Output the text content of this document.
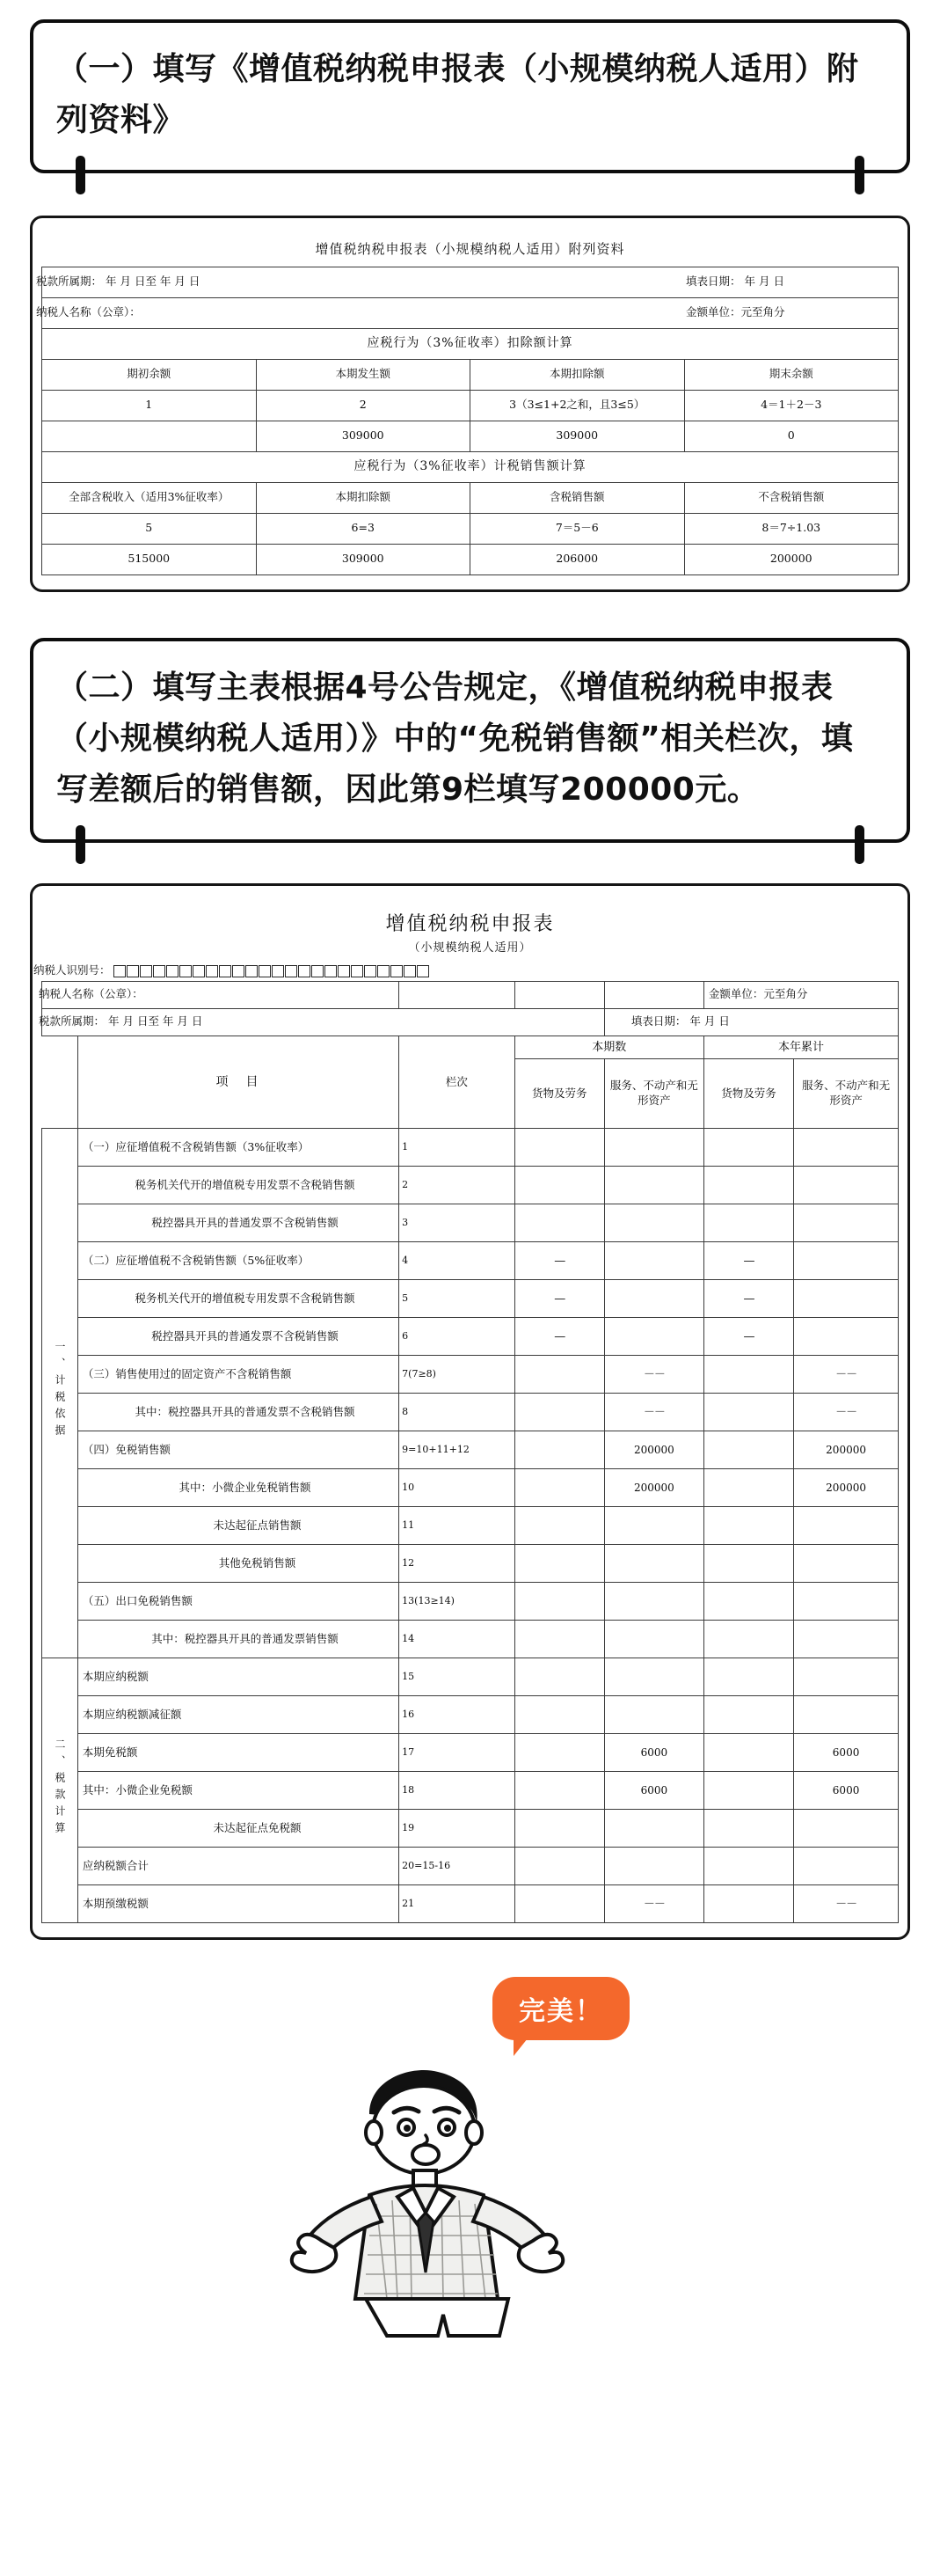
（一）填写《增值税纳税申报表（小规模纳税人适用）附列资料》
增值税纳税申报表（小规模纳税人适用）附列资料
税款所属期： 年 月 日至 年 月 日			填表日期： 年 月 日
纳税人名称（公章）：			金额单位：元至角分
应税行为（3%征收率）扣除额计算			
期初余额	本期发生额	本期扣除额	期末余额
1	2	3（3≤1+2之和，且3≤5）	4＝1＋2－3
	309000	309000	0
应税行为（3%征收率）计税销售额计算			
全部含税收入（适用3%征收率）	本期扣除额	含税销售额	不含税销售额
5	6=3	7＝5－6	8＝7÷1.03
515000	309000	206000	200000
（二）填写主表根据4号公告规定，《增值税纳税申报表（小规模纳税人适用）》中的“免税销售额”相关栏次，填写差额后的销售额，因此第9栏填写200000元。
增值税纳税申报表
（小规模纳税人适用）
纳税人识别号：
纳税人名称（公章）：					金额单位：元至角分	
税款所属期： 年 月 日至 年 月 日				填表日期： 年 月 日		
	项　目	栏次	本期数		本年累计	
			货物及劳务	服务、不动产和无形资产	货物及劳务	服务、不动产和无形资产
一、计税依据	（一）应征增值税不含税销售额（3%征收率）	1				
	税务机关代开的增值税专用发票不含税销售额	2				
	税控器具开具的普通发票不含税销售额	3				
	（二）应征增值税不含税销售额（5%征收率）	4	—		—	
	税务机关代开的增值税专用发票不含税销售额	5	—		—	
	税控器具开具的普通发票不含税销售额	6	—		—	
	（三）销售使用过的固定资产不含税销售额	7(7≥8)		－－		－－
	其中：税控器具开具的普通发票不含税销售额	8		－－		－－
	（四）免税销售额	9=10+11+12		200000		200000
	其中：小微企业免税销售额	10		200000		200000
	未达起征点销售额	11				
	其他免税销售额	12				
	（五）出口免税销售额	13(13≥14)				
	其中：税控器具开具的普通发票销售额	14				
二、税款计算	本期应纳税额	15				
	本期应纳税额减征额	16				
	本期免税额	17		6000		6000
	其中：小微企业免税额	18		6000		6000
	未达起征点免税额	19				
	应纳税额合计	20=15-16				
	本期预缴税额	21		－－		－－
完美！
